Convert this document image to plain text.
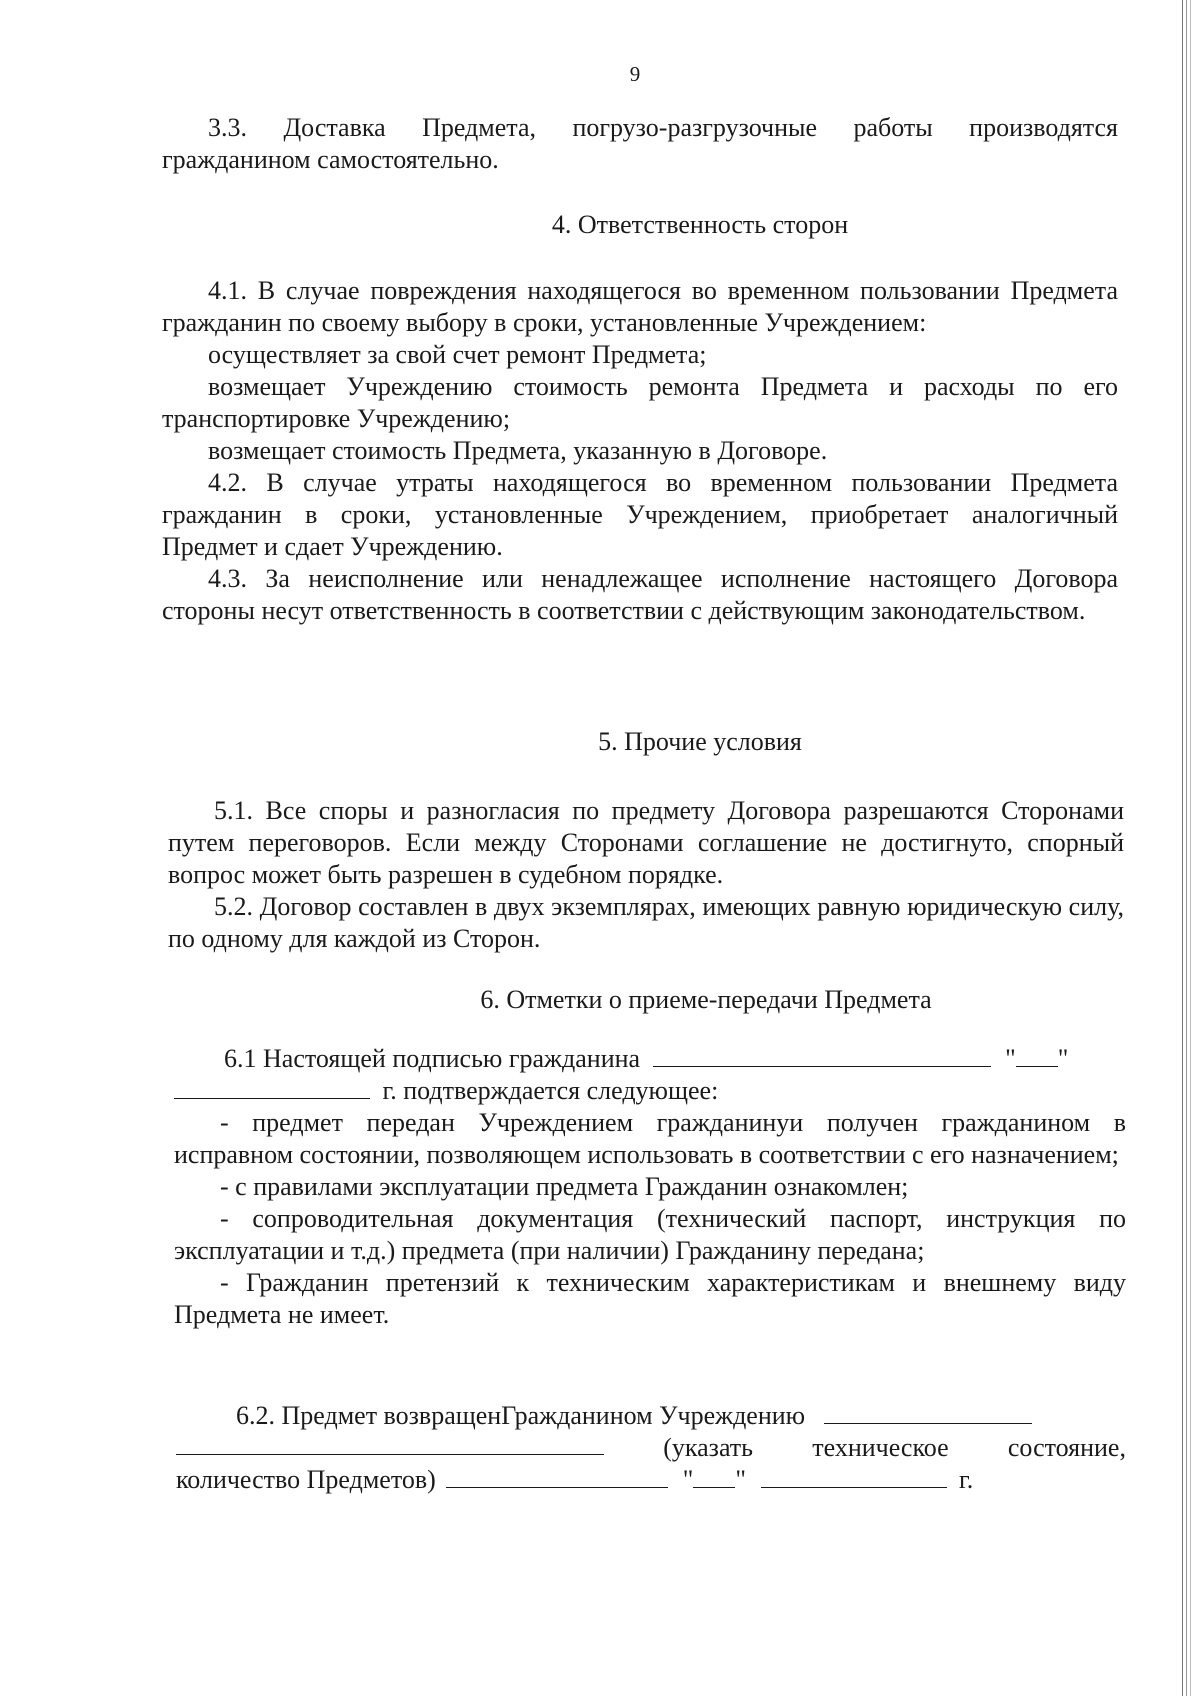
9

3.3. Доставка Предмета, погрузо-разгрузочные работы производятся гражданином самостоятельно.

4. Ответственность сторон

4.1. В случае повреждения находящегося во временном пользовании Предмета гражданин по своему выбору в сроки, установленные Учреждением:

осуществляет за свой счет ремонт Предмета;

возмещает Учреждению стоимость ремонта Предмета и расходы по его транспортировке Учреждению;

возмещает стоимость Предмета, указанную в Договоре.

4.2. В случае утраты находящегося во временном пользовании Предмета гражданин в сроки, установленные Учреждением, приобретает аналогичный Предмет и сдает Учреждению.

4.3. За неисполнение или ненадлежащее исполнение настоящего Договора стороны несут ответственность в соответствии с действующим законодательством.

5. Прочие условия

5.1. Все споры и разногласия по предмету Договора разрешаются Сторонами путем переговоров. Если между Сторонами соглашение не достигнуто, спорный вопрос может быть разрешен в судебном порядке.

5.2. Договор составлен в двух экземплярах, имеющих равную юридическую силу, по одному для каждой из Сторон.

6. Отметки о приеме-передачи Предмета

6.1 Настоящей подписью гражданина	" "
г. подтверждается следующее:

- предмет передан Учреждением гражданинуи получен гражданином в исправном состоянии, позволяющем использовать в соответствии с его назначением;

- с правилами эксплуатации предмета Гражданин ознакомлен;

- сопроводительная документация (технический паспорт, инструкция по эксплуатации и т.д.) предмета (при наличии) Гражданину передана;

- Гражданин претензий к техническим характеристикам и внешнему виду Предмета не имеет.

6.2. Предмет возвращенГражданином Учреждению
(указать техническое состояние,
количество Предметов)	" "	г.
